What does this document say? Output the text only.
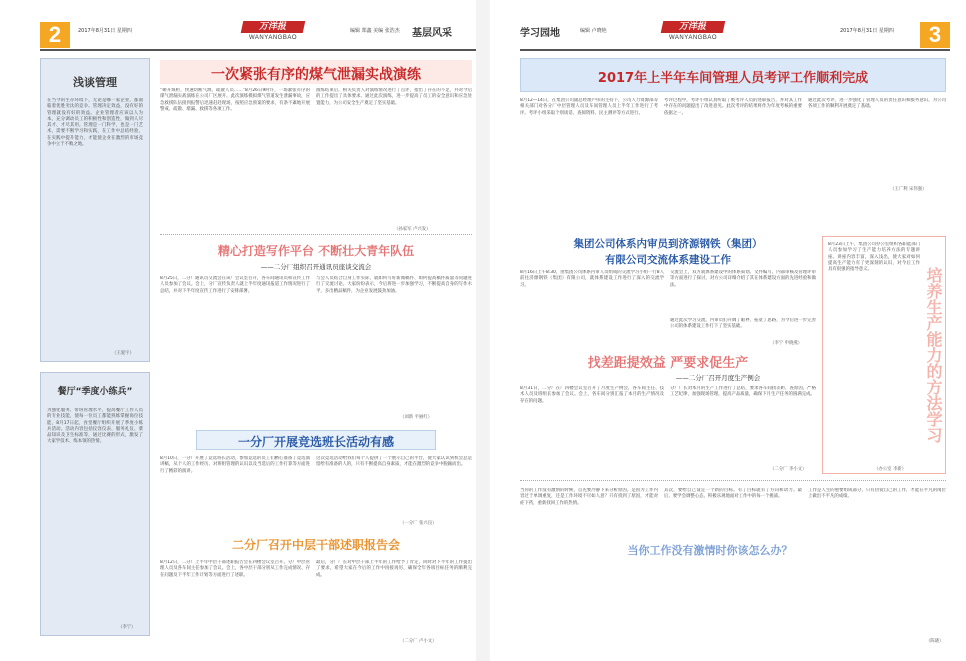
2	2017年8月31日 星期四	万洋报
WANYANGBAO
编辑 郑鑫 美编 张浩杰 基层风采
浅谈管理
在当今的生存环境下，无论是哪一家企业，都面临着优胜劣汰的竞争。管理决定效益，没有好的管理就没有好的效益。企业管理者应该以人为本，充分调动员工的积极性和创造性，做到人尽其才、才尽其用。管理是一门科学，也是一门艺术，需要不断学习和实践，在工作中总结经验，在实践中提升能力，才能使企业在激烈的市场竞争中立于不败之地。
（王爱宇）
餐厅“季度小练兵”
为强化服务、带班管理水平，提高餐厅工作人员的专业技能，使每一位员工都能熟练掌握岗位技能，8月17日起，食堂餐厅组织开展了季度小练兵活动。活动内容包括仪容仪表、服务礼仪、菜品知识及卫生标准等，通过比赛的形式，激发了大家学技术、练本领的热情。
（李宁）
一次紧张有序的煤气泄漏实战演练
“砸开煤柜，快速切断气源，疏散人员……”8月26日9时许，一场紧张有序的煤气泄漏实战演练在公司厂区展开。此次演练模拟煤气管道发生泄漏事故，应急救援队伍接到报警后迅速赶赴现场，按照应急预案的要求，有条不紊地开展警戒、疏散、堵漏、救援等各项工作。
演练结束后，相关负责人对演练情况进行了点评，指出了存在的不足，并对今后的工作提出了具体要求。通过此次演练，进一步提高了员工的安全意识和应急处置能力，为公司安全生产奠定了坚实基础。
（孙家军 卢兴发）
精心打造写作平台 不断壮大青年队伍
——二分厂组织召开通讯员座谈交流会
8月25日，二分厂通讯员交流会在该厂会议室召开，各车间通讯员和宣传工作人员参加了会议。会上，分厂宣传负责人就上半年度通讯报道工作情况进行了总结，并对下半年度宣传工作进行了安排部署。
与会人员结合自身工作实际，就如何写好新闻稿件、如何提高稿件质量等问题进行了交流讨论。大家纷纷表示，今后将进一步加强学习，不断提高自身的写作水平，多出精品稿件，为企业发展鼓劲加油。
（刘新 平丽红）
一分厂开展竞选班长活动有感
8月10日，一分厂开展了竞选班长活动，参加竞选的员工们精心准备了竞选演讲稿，从个人的工作经历、对班组管理的认识以及当选后的工作打算等方面进行了精彩的演讲。
这次竞选活动给我们每个人提供了一个展示自己的平台，使大家认识到机会总是留给有准备的人的，只有不断提高自身素质，才能在激烈的竞争中脱颖而出。
（一分厂 张兴良）
二分厂召开中层干部述职报告会
8月12日，二分厂上半年中层干部述职报告会在四楼会议室召开。分厂中层管理人员及各车间主任参加了会议。会上，各中层干部分别从工作完成情况、存在问题及下半年工作计划等方面进行了述职。
最后，分厂厂长对中层干部上半年的工作给予了肯定，同时对下半年的工作提出了要求，希望大家在今后的工作中再接再厉，确保全年各项目标任务的顺利完成。
（二分厂 卢小文）
学习园地	编辑 卢晓艳	万洋报
WANYANGBAO
2017年8月31日 星期四	3
2017年上半年车间管理人员考评工作顺利完成
8月12—14日，在集团公司副总经理卢伟的主持下，公司人力资源部等相关部门对各分厂中层管理人员及车间管理人员上半年工作进行了考评。考评小组采取个别谈话、查阅资料、民主测评等方式进行。
考评过程中，考评小组认真听取了被考评人员的述职报告，并对其工作中存在的问题提出了改进意见。此次考评的结果将作为年度考核的重要依据之一。
通过此次考评，进一步强化了管理人员的责任意识和服务意识，为公司各项工作的顺利开展奠定了基础。
（王广利 宋伟强）
集团公司体系内审员到济源钢铁（集团）
有限公司交流体系建设工作
8月16日上午8:30，由集团公司体系内审人员组成的交流学习小组一行8人前往济源钢铁（集团）有限公司，就体系建设工作进行了深入的交流学习。
交流会上，双方就体系建设中的体系策划、文件编写、内部审核及管理评审等方面进行了探讨，对方公司详细介绍了其在体系建设方面的先进经验和做法。
通过此次学习交流，内审员们开阔了眼界，拓宽了思路，为今后进一步完善公司的体系建设工作打下了坚实基础。
（李宁 申晓燕）
找差距提效益 严要求促生产
——二分厂召开月度生产例会
8月31日，二分厂在厂四楼会议室召开了月度生产例会，各车间主任、技术人员及班组长参加了会议。会上，各车间分别汇报了本月的生产情况及存在的问题。
分厂厂长对本月的生产工作进行了总结，要求各车间找差距、查原因，严格工艺纪律，加强现场管理，提高产品质量，确保下月生产任务的圆满完成。
（二分厂 李小文）
培养生产能力的方法学习
8月23日上午，集团公司办公室组织各职能部门人员参加学习了生产能力培养方法的专题讲座。讲座内容丰富，深入浅出，使大家对如何提高生产能力有了更深刻的认识，对今后工作具有很强的指导意义。
（办公室 李新）
当你工作没有激情时你该怎么办？
当你的工作没有激情的时候，首先要冷静下来分析原因。是因为工作内容过于单调重复，还是工作环境不尽如人意？只有找到了原因，才能对症下药，重新找回工作的热情。
其次，要给自己设定一个新的目标。有了目标就有了方向和动力。最后，要学会调整心态，积极乐观地面对工作中的每一个挑战。
工作是人生的重要组成部分，只有热爱自己的工作，才能在平凡的岗位上做出不平凡的成绩。
（陈晓）
